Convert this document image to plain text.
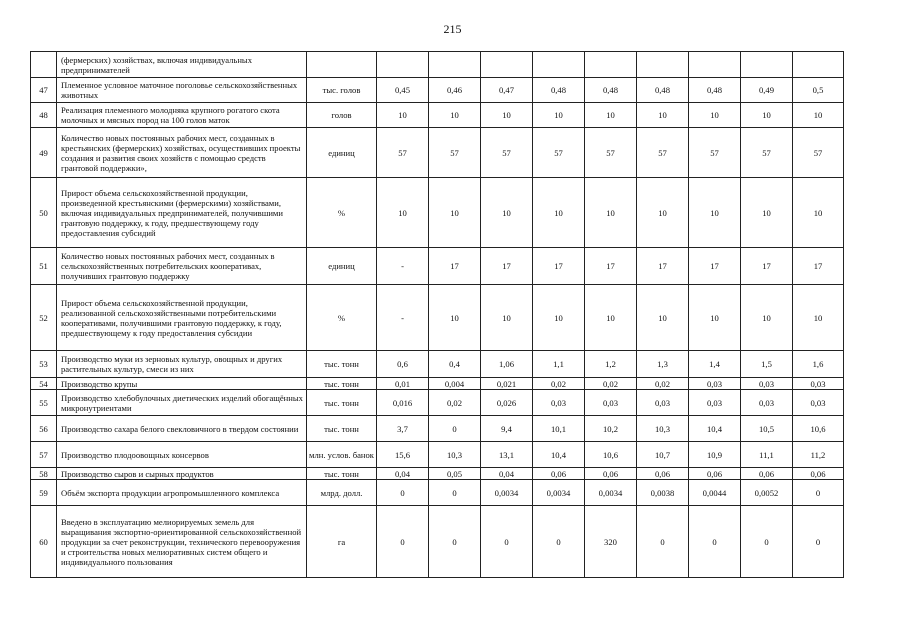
215
	(фермерских) хозяйствах, включая индивидуальных предпринимателей										
47	Племенное условное маточное поголовье сельскохозяйственных животных	тыс. голов	0,45	0,46	0,47	0,48	0,48	0,48	0,48	0,49	0,5
48	Реализация племенного молодняка крупного рогатого скота молочных и мясных пород на 100 голов маток	голов	10	10	10	10	10	10	10	10	10
49	Количество новых постоянных рабочих мест, созданных в крестьянских (фермерских) хозяйствах, осуществивших проекты создания и развития своих хозяйств с помощью средств грантовой поддержки»,	единиц	57	57	57	57	57	57	57	57	57
50	Прирост объема сельскохозяйственной продукции, произведенной крестьянскими (фермерскими) хозяйствами, включая индивидуальных предпринимателей, получившими грантовую поддержку, к году, предшествующему году предоставления субсидий	%	10	10	10	10	10	10	10	10	10
51	Количество новых постоянных рабочих мест, созданных в сельскохозяйственных потребительских кооперативах, получивших грантовую поддержку	единиц	-	17	17	17	17	17	17	17	17
52	Прирост объема сельскохозяйственной продукции, реализованной сельскохозяйственными потребительскими кооперативами, получившими грантовую поддержку, к году, предшествующему к году предоставления субсидии	%	-	10	10	10	10	10	10	10	10
53	Производство муки из зерновых культур, овощных и других растительных культур, смеси из них	тыс. тонн	0,6	0,4	1,06	1,1	1,2	1,3	1,4	1,5	1,6
54	Производство крупы	тыс. тонн	0,01	0,004	0,021	0,02	0,02	0,02	0,03	0,03	0,03
55	Производство хлебобулочных диетических изделий обогащённых микронутриентами	тыс. тонн	0,016	0,02	0,026	0,03	0,03	0,03	0,03	0,03	0,03
56	Производство сахара белого свекловичного в твердом состоянии	тыс. тонн	3,7	0	9,4	10,1	10,2	10,3	10,4	10,5	10,6
57	Производство плодоовощных консервов	млн. услов. банок	15,6	10,3	13,1	10,4	10,6	10,7	10,9	11,1	11,2
58	Производство сыров и сырных продуктов	тыс. тонн	0,04	0,05	0,04	0,06	0,06	0,06	0,06	0,06	0,06
59	Объём экспорта продукции агропромышленного комплекса	млрд. долл.	0	0	0,0034	0,0034	0,0034	0,0038	0,0044	0,0052	0
60	Введено в эксплуатацию мелиорируемых земель для выращивания экспортно-ориентированной сельскохозяйственной продукции за счет реконструкции, технического перевооружения и строительства новых мелиоративных систем общего и индивидуального пользования	га	0	0	0	0	320	0	0	0	0
